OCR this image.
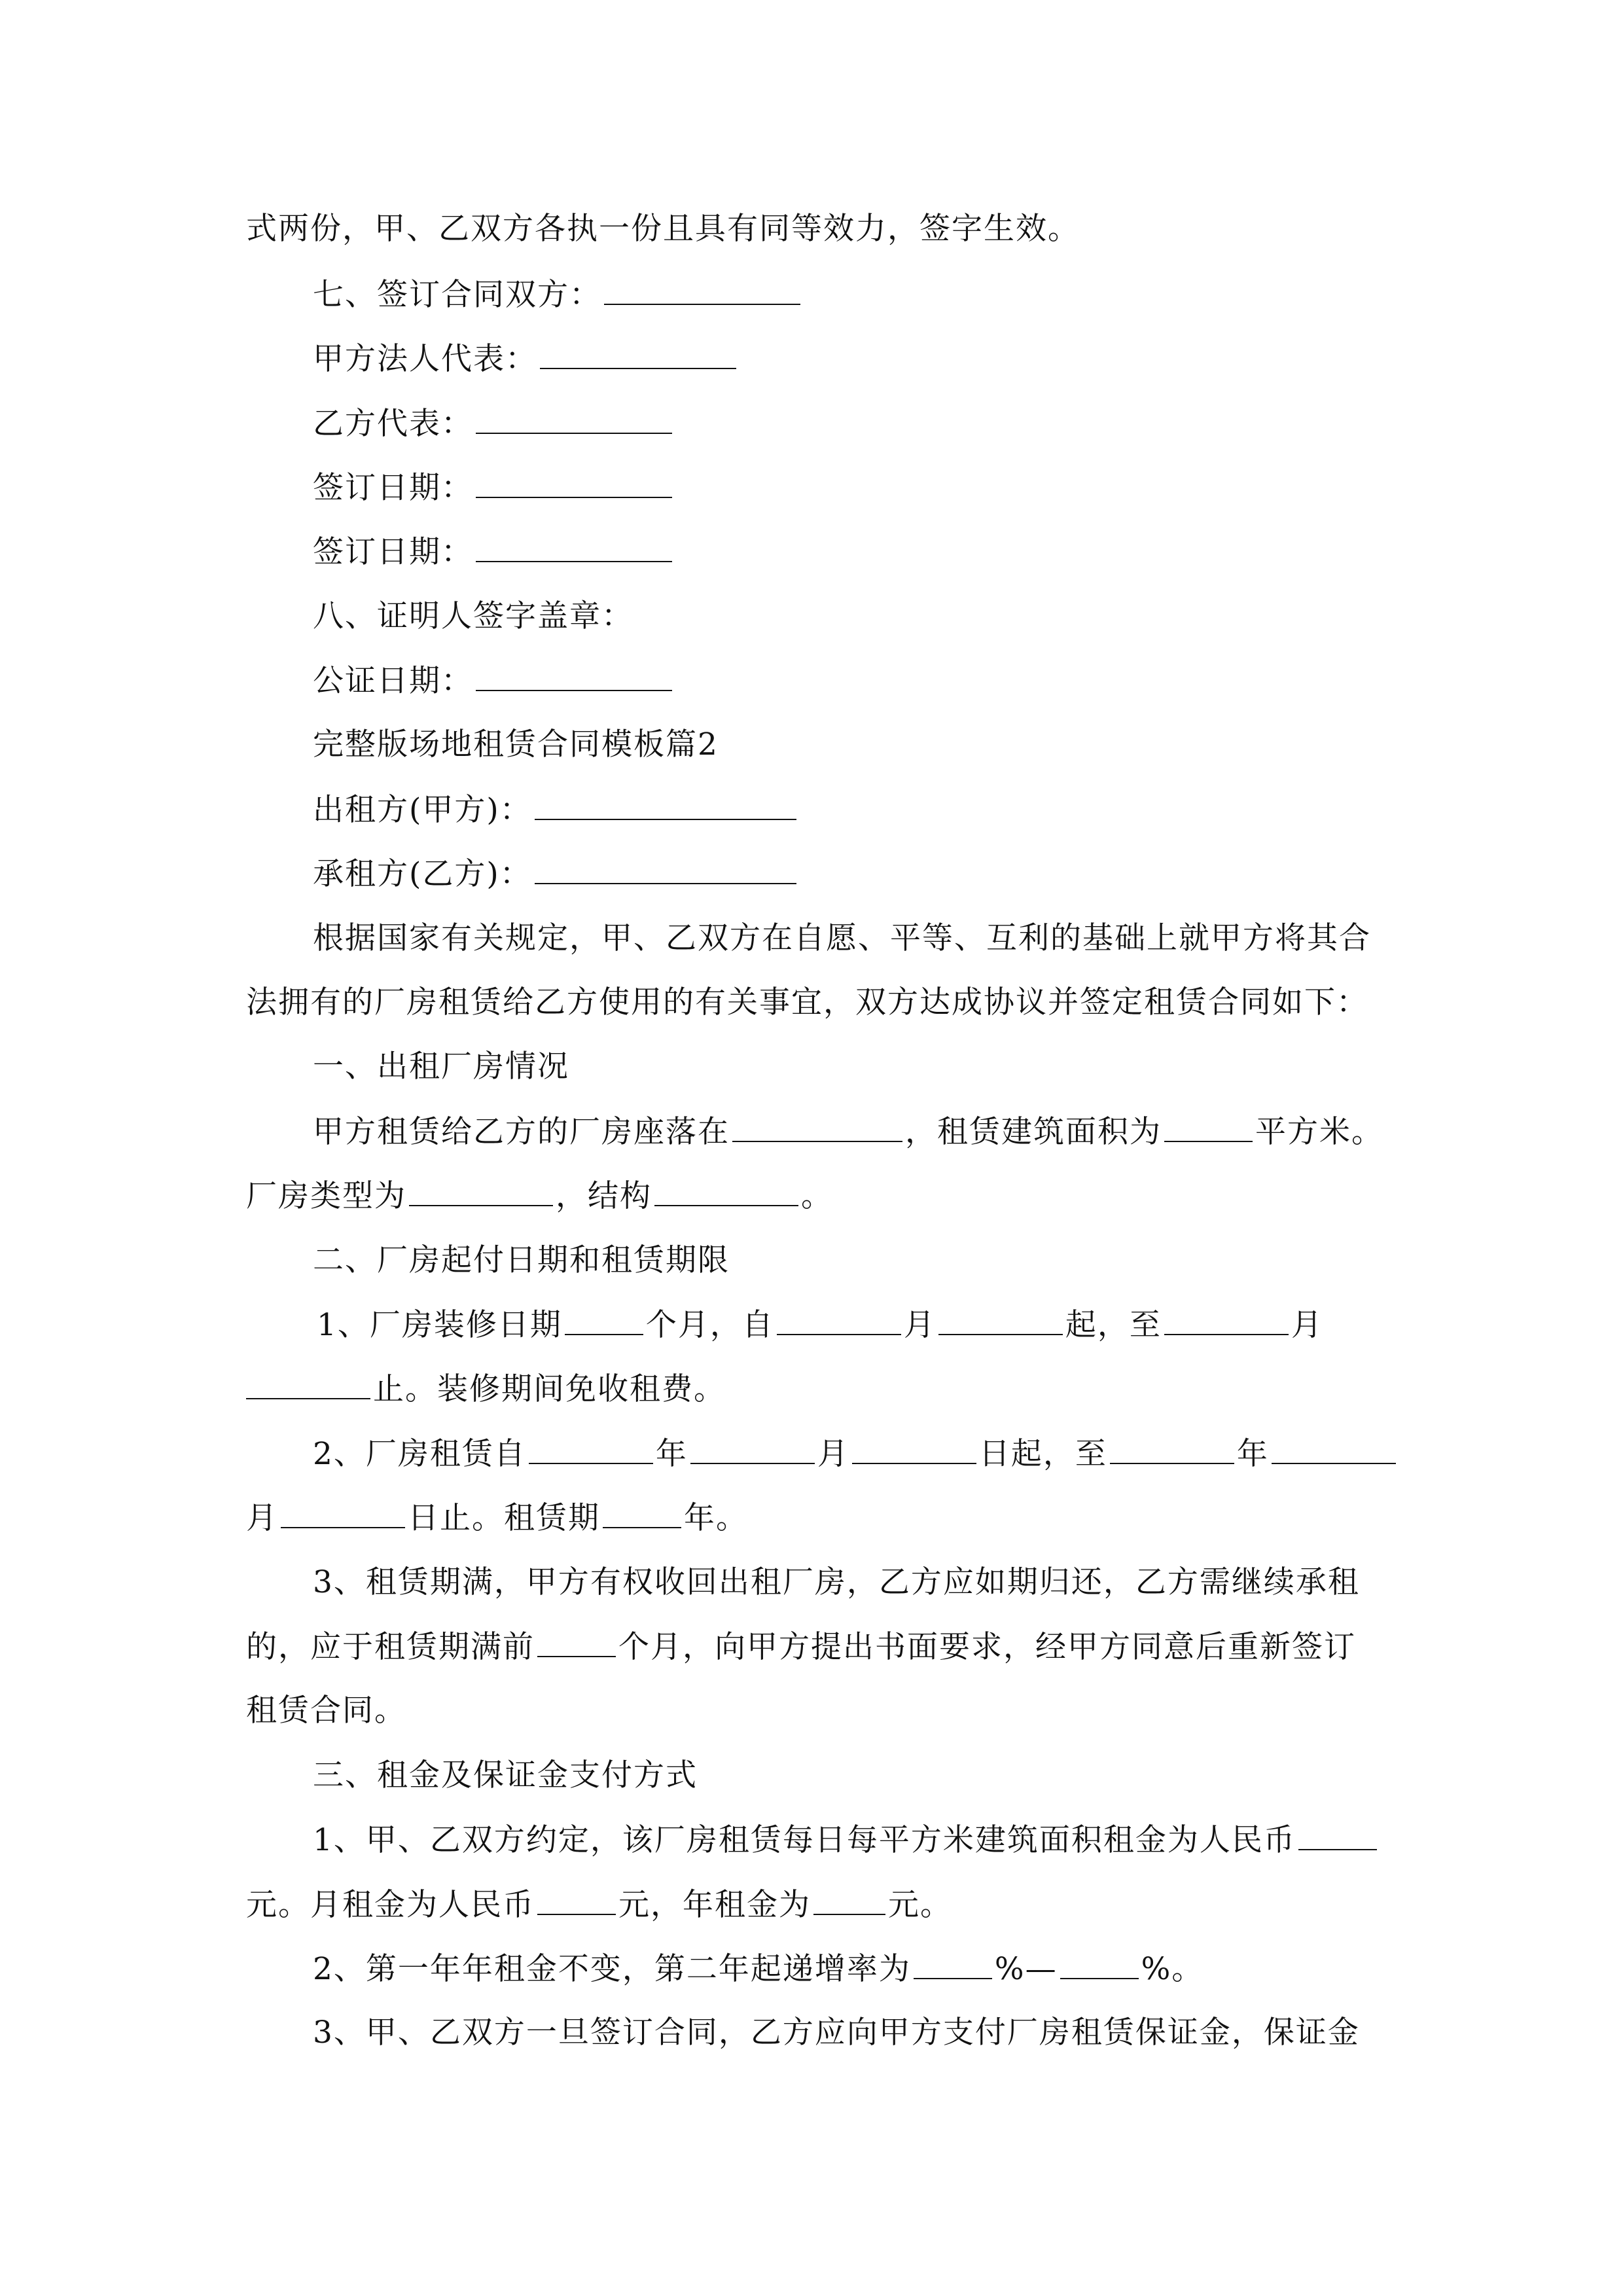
式两份，甲、乙双方各执一份且具有同等效力，签字生效。
七、签订合同双方：
甲方法人代表：
乙方代表：
签订日期：
签订日期：
八、证明人签字盖章：
公证日期：
完整版场地租赁合同模板篇2
出租方(甲方)：
承租方(乙方)：
根据国家有关规定，甲、乙双方在自愿、平等、互利的基础上就甲方将其合
法拥有的厂房租赁给乙方使用的有关事宜，双方达成协议并签定租赁合同如下：
一、出租厂房情况
甲方租赁给乙方的厂房座落在	，租赁建筑面积为	平方米。
厂房类型为	，结构	。
二、厂房起付日期和租赁期限
1、厂房装修日期	个月，自	月	起，至	月
止。装修期间免收租费。
2、厂房租赁自	年	月	日起，至	年
月	日止。租赁期	年。
3、租赁期满，甲方有权收回出租厂房，乙方应如期归还，乙方需继续承租
的，应于租赁期满前	个月，向甲方提出书面要求，经甲方同意后重新签订
租赁合同。
三、租金及保证金支付方式
1、甲、乙双方约定，该厂房租赁每日每平方米建筑面积租金为人民币
元。月租金为人民币	元，年租金为	元。
2、第一年年租金不变，第二年起递增率为	%—	%。
3、甲、乙双方一旦签订合同，乙方应向甲方支付厂房租赁保证金，保证金
